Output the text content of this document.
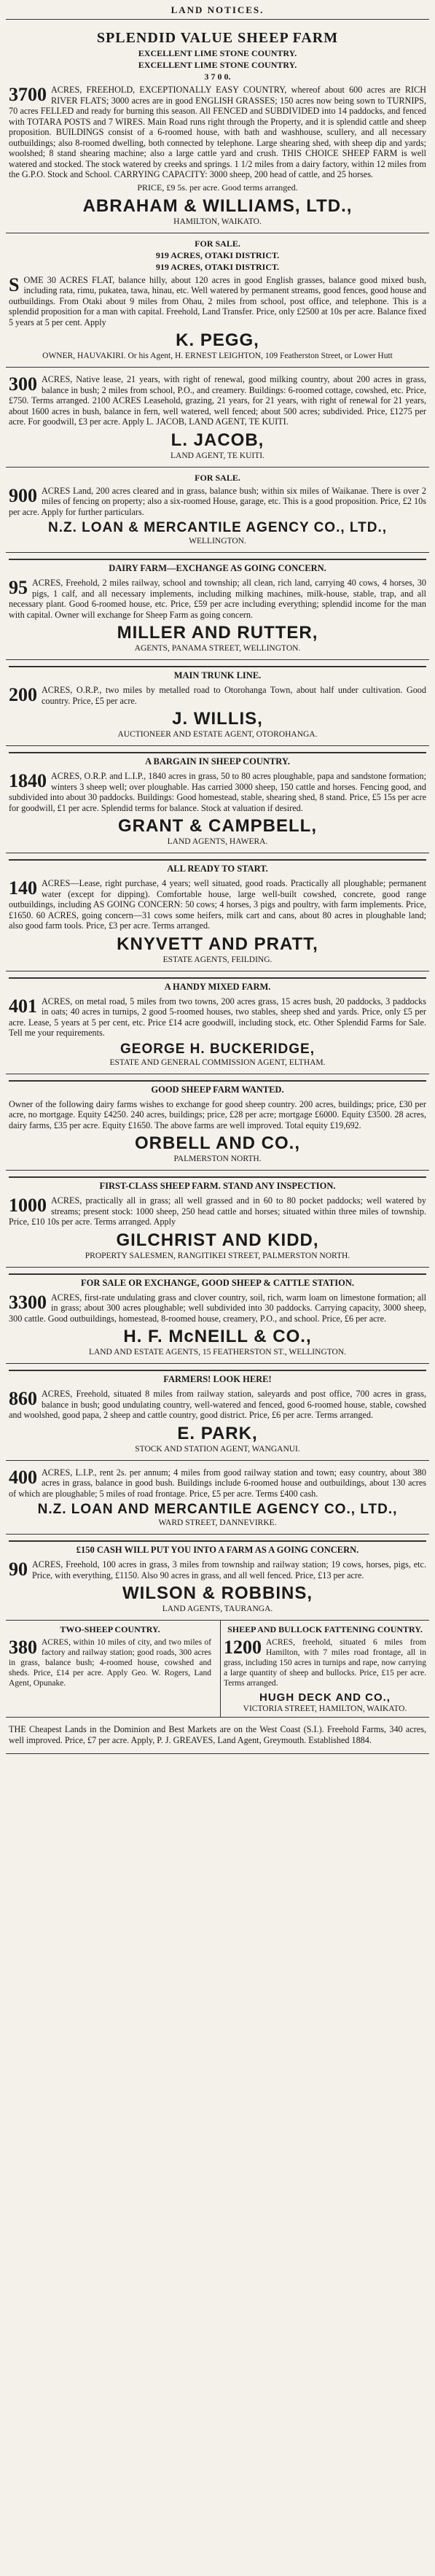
LAND NOTICES.
SPLENDID VALUE SHEEP FARM
EXCELLENT LIME STONE COUNTRY.
EXCELLENT LIME STONE COUNTRY.
3 7 0 0.
3700 ACRES, FREEHOLD, EXCEPTIONALLY EASY COUNTRY, whereof about 600 acres are RICH RIVER FLATS; 3000 acres are in good ENGLISH GRASSES; 150 acres now being sown to TURNIPS, 70 acres FELLED and ready for burning this season. All FENCED and SUBDIVIDED into 14 paddocks, and fenced with TOTARA POSTS and 7 WIRES. Main Road runs right through the Property, and it is splendid cattle and sheep proposition. BUILDINGS consist of a 6-roomed house, with bath and washhouse, scullery, and all necessary outbuildings; also 8-roomed dwelling, both connected by telephone. Large shearing shed, with sheep dip and yards; woolshed; 8 stand shearing machine; also a large cattle yard and crush. THIS CHOICE SHEEP FARM is well watered and stocked. The stock watered by creeks and springs. 1 1/2 miles from a dairy factory, within 12 miles from the G.P.O. Stock and School. CARRYING CAPACITY: 3000 sheep, 200 head of cattle, and 25 horses.
PRICE, £9 5s. per acre. Good terms arranged.
ABRAHAM & WILLIAMS, LTD.,
HAMILTON, WAIKATO.
FOR SALE.
919 ACRES, OTAKI DISTRICT.
919 ACRES, OTAKI DISTRICT.
SOME 30 ACRES FLAT, balance hilly, about 120 acres in good English grasses, balance good mixed bush, including rata, rimu, pukatea, tawa, hinau, etc. Well watered by permanent streams, good fences, good house and outbuildings. From Otaki about 9 miles from Ohau, 2 miles from school, post office, and telephone. This is a splendid proposition for a man with capital. Freehold, Land Transfer. Price, only £2500 at 10s per acre. Balance fixed 5 years at 5 per cent. Apply
K. PEGG,
OWNER, HAUVAKIRI. Or his Agent, H. ERNEST LEIGHTON, 109 Featherston Street, or Lower Hutt
300 ACRES, Native lease, 21 years, with right of renewal, good milking country, about 200 acres in grass, balance in bush; 2 miles from school, P.O., and creamery. Buildings: 6-roomed cottage, cowshed, etc. Price, £750. Terms arranged. 2100 ACRES Leasehold, grazing, 21 years, for 21 years, with right of renewal for 21 years, about 1600 acres in bush, balance in fern, well watered, well fenced; about 500 acres; subdivided. Price, £1275 per acre. For goodwill, £3 per acre. Apply L. JACOB, LAND AGENT, TE KUITI.
L. JACOB,
LAND AGENT, TE KUITI.
FOR SALE.
900 ACRES Land, 200 acres cleared and in grass, balance bush; within six miles of Waikanae. There is over 2 miles of fencing on property; also a six-roomed House, garage, etc. This is a good proposition. Price, £2 10s per acre. Apply for further particulars.
N.Z. LOAN & MERCANTILE AGENCY CO., LTD.,
WELLINGTON.
DAIRY FARM—EXCHANGE AS GOING CONCERN.
95 ACRES, Freehold, 2 miles railway, school and township; all clean, rich land, carrying 40 cows, 4 horses, 30 pigs, 1 calf, and all necessary implements, including milking machines, milk-house, stable, trap, and all necessary plant. Good 6-roomed house, etc. Price, £59 per acre including everything; splendid income for the man with capital. Owner will exchange for Sheep Farm as going concern.
MILLER AND RUTTER,
AGENTS, PANAMA STREET, WELLINGTON.
MAIN TRUNK LINE.
200 ACRES, O.R.P., two miles by metalled road to Otorohanga Town, about half under cultivation. Good country. Price, £5 per acre.
J. WILLIS,
AUCTIONEER AND ESTATE AGENT, OTOROHANGA.
A BARGAIN IN SHEEP COUNTRY.
1840 ACRES, O.R.P. and L.I.P., 1840 acres in grass, 50 to 80 acres ploughable, papa and sandstone formation; winters 3 sheep well; over ploughable. Has carried 3000 sheep, 150 cattle and horses. Fencing good, and subdivided into about 30 paddocks. Buildings: Good homestead, stable, shearing shed, 8 stand. Price, £5 15s per acre for goodwill, £1 per acre. Splendid terms for balance. Stock at valuation if desired.
GRANT & CAMPBELL,
LAND AGENTS, HAWERA.
ALL READY TO START.
140 ACRES—Lease, right purchase, 4 years; well situated, good roads. Practically all ploughable; permanent water (except for dipping). Comfortable house, large well-built cowshed, concrete, good range outbuildings, including AS GOING CONCERN: 50 cows; 4 horses, 3 pigs and poultry, with farm implements. Price, £1650. 60 ACRES, going concern—31 cows some heifers, milk cart and cans, about 80 acres in ploughable land; also good farm tools. Price, £3 per acre. Terms arranged.
KNYVETT AND PRATT,
ESTATE AGENTS, FEILDING.
A HANDY MIXED FARM.
401 ACRES, on metal road, 5 miles from two towns, 200 acres grass, 15 acres bush, 20 paddocks, 3 paddocks in oats; 40 acres in turnips, 2 good 5-roomed houses, two stables, sheep shed and yards. Price, only £5 per acre. Lease, 5 years at 5 per cent, etc. Price £14 acre goodwill, including stock, etc. Other Splendid Farms for Sale. Tell me your requirements.
GEORGE H. BUCKERIDGE,
ESTATE AND GENERAL COMMISSION AGENT, ELTHAM.
GOOD SHEEP FARM WANTED.
Owner of the following dairy farms wishes to exchange for good sheep country. 200 acres, buildings; price, £30 per acre, no mortgage. Equity £4250. 240 acres, buildings; price, £28 per acre; mortgage £6000. Equity £3500. 28 acres, dairy farms, £35 per acre. Equity £1650. The above farms are well improved. Total equity £19,692.
ORBELL AND CO.,
PALMERSTON NORTH.
FIRST-CLASS SHEEP FARM. STAND ANY INSPECTION.
1000 ACRES, practically all in grass; all well grassed and in 60 to 80 pocket paddocks; well watered by streams; present stock: 1000 sheep, 250 head cattle and horses; situated within three miles of township. Price, £10 10s per acre. Terms arranged. Apply
GILCHRIST AND KIDD,
PROPERTY SALESMEN, RANGITIKEI STREET, PALMERSTON NORTH.
FOR SALE OR EXCHANGE, GOOD SHEEP & CATTLE STATION.
3300 ACRES, first-rate undulating grass and clover country, soil, rich, warm loam on limestone formation; all in grass; about 300 acres ploughable; well subdivided into 30 paddocks. Carrying capacity, 3000 sheep, 300 cattle. Good outbuildings, homestead, 8-roomed house, creamery, P.O., and school. Price, £6 per acre.
H. F. McNEILL & CO.,
LAND AND ESTATE AGENTS, 15 FEATHERSTON ST., WELLINGTON.
FARMERS! LOOK HERE!
860 ACRES, Freehold, situated 8 miles from railway station, saleyards and post office, 700 acres in grass, balance in bush; good undulating country, well-watered and fenced, good 6-roomed house, stable, cowshed and woolshed, good papa, 2 sheep and cattle country, good district. Price, £6 per acre. Terms arranged.
E. PARK,
STOCK AND STATION AGENT, WANGANUI.
400 ACRES, L.I.P., rent 2s. per annum; 4 miles from good railway station and town; easy country, about 380 acres in grass, balance in good bush. Buildings include 6-roomed house and outbuildings, about 130 acres of which are ploughable; 5 miles of road frontage. Price, £5 per acre. Terms £400 cash.
N.Z. LOAN AND MERCANTILE AGENCY CO., LTD.,
WARD STREET, DANNEVIRKE.
£150 CASH WILL PUT YOU INTO A FARM AS A GOING CONCERN.
90 ACRES, Freehold, 100 acres in grass, 3 miles from township and railway station; 19 cows, horses, pigs, etc. Price, with everything, £1150. Also 90 acres in grass, and all well fenced. Price, £13 per acre.
WILSON & ROBBINS,
LAND AGENTS, TAURANGA.
TWO-SHEEP COUNTRY.
380 ACRES, within 10 miles of city, and two miles of factory and railway station; good roads, 300 acres in grass, balance bush; 4-roomed house, cowshed and sheds. Price, £14 per acre. Apply Geo. W. Rogers, Land Agent, Opunake.
SHEEP AND BULLOCK FATTENING COUNTRY.
1200 ACRES, freehold, situated 6 miles from Hamilton, with 7 miles road frontage, all in grass, including 150 acres in turnips and rape, now carrying a large quantity of sheep and bullocks. Price, £15 per acre. Terms arranged.
HUGH DECK AND CO.,
VICTORIA STREET, HAMILTON, WAIKATO.
THE Cheapest Lands in the Dominion and Best Markets are on the West Coast (S.I.). Freehold Farms, 340 acres, well improved. Price, £7 per acre. Apply, P. J. GREAVES, Land Agent, Greymouth. Established 1884.
